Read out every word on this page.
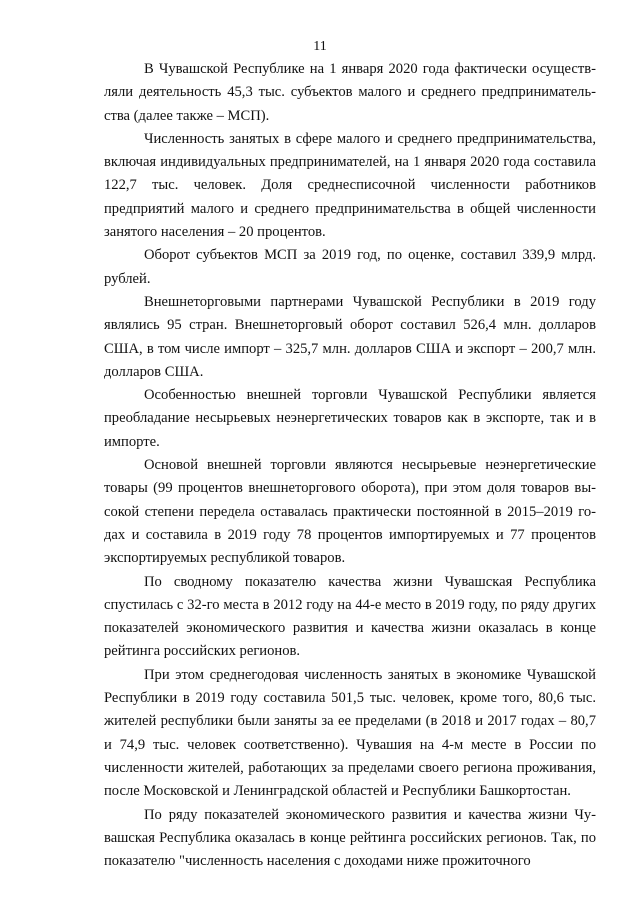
11

В Чувашской Республике на 1 января 2020 года фактически осуществляли деятельность 45,3 тыс. субъектов малого и среднего предпринимательства (далее также – МСП).

Численность занятых в сфере малого и среднего предпринимательства, включая индивидуальных предпринимателей, на 1 января 2020 года составила 122,7 тыс. человек. Доля среднесписочной численности работников предприятий малого и среднего предпринимательства в общей численности занятого населения – 20 процентов.

Оборот субъектов МСП за 2019 год, по оценке, составил 339,9 млрд. рублей.

Внешнеторговыми партнерами Чувашской Республики в 2019 году являлись 95 стран. Внешнеторговый оборот составил 526,4 млн. долларов США, в том числе импорт – 325,7 млн. долларов США и экспорт – 200,7 млн. долларов США.

Особенностью внешней торговли Чувашской Республики является преобладание несырьевых неэнергетических товаров как в экспорте, так и в импорте.

Основой внешней торговли являются несырьевые неэнергетические товары (99 процентов внешнеторгового оборота), при этом доля товаров высокой степени передела оставалась практически постоянной в 2015–2019 годах и составила в 2019 году 78 процентов импортируемых и 77 процентов экспортируемых республикой товаров.

По сводному показателю качества жизни Чувашская Республика спустилась с 32-го места в 2012 году на 44-е место в 2019 году, по ряду других показателей экономического развития и качества жизни оказалась в конце рейтинга российских регионов.

При этом среднегодовая численность занятых в экономике Чувашской Республики в 2019 году составила 501,5 тыс. человек, кроме того, 80,6 тыс. жителей республики были заняты за ее пределами (в 2018 и 2017 годах – 80,7 и 74,9 тыс. человек соответственно). Чувашия на 4-м месте в России по численности жителей, работающих за пределами своего региона проживания, после Московской и Ленинградской областей и Республики Башкортостан.

По ряду показателей экономического развития и качества жизни Чувашская Республика оказалась в конце рейтинга российских регионов. Так, по показателю "численность населения с доходами ниже прожиточного
